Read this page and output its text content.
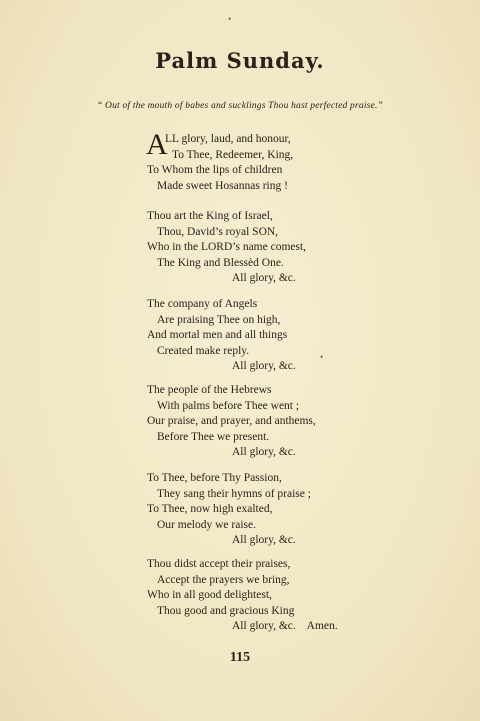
•
Palm Sunday.
“ Out of the mouth of babes and sucklings Thou hast perfected praise.”
A
LL glory, laud, and honour,
To Thee, Redeemer, King,
To Whom the lips of children
Made sweet Hosannas ring !
Thou art the King of Israel,
Thou, David’s royal SON,
Who in the LORD’s name comest,
The King and Blessèd One.
All glory, &c.
The company of Angels
Are praising Thee on high,
And mortal men and all things
Created make reply.
All glory, &c.
•
The people of the Hebrews
With palms before Thee went ;
Our praise, and prayer, and anthems,
Before Thee we present.
All glory, &c.
To Thee, before Thy Passion,
They sang their hymns of praise ;
To Thee, now high exalted,
Our melody we raise.
All glory, &c.
Thou didst accept their praises,
Accept the prayers we bring,
Who in all good delightest,
Thou good and gracious King
All glory, &c. Amen.
115
